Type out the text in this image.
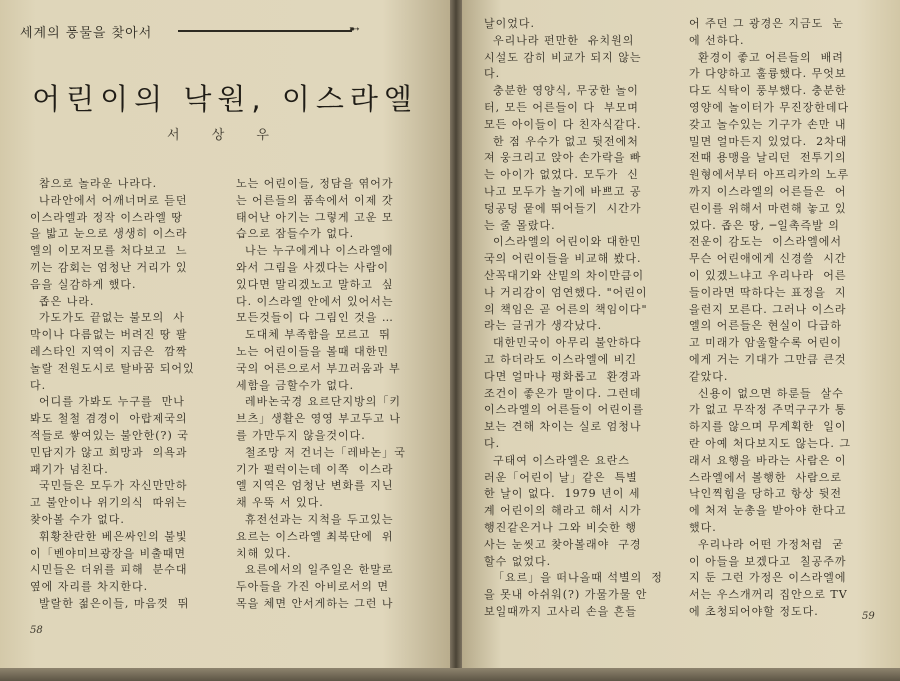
세계의 풍물을 찾아서	➸
어린이의 낙원, 이스라엘
서 상 우
참으로 놀라운 나라다.
나라안에서 어깨너머로 듣던
이스라엘과 정작 이스라엘 땅
을 밟고 눈으로 생생히 이스라
엘의 이모저모를 처다보고  느
끼는 감회는 엄청난 거리가 있
음을 실감하게 했다.
좁은 나라.
가도가도 끝없는 불모의  사
막이나 다름없는 버려진 땅 팔
레스타인 지역이 지금은  깜짝
놀랄 전원도시로 탈바꿈 되어있
다.
어디를 가봐도 누구를  만나
봐도 철철 겸경이  아랍제국의
적들로 쌓여있는 불안한(?) 국
민답지가 않고 희망과  의욕과
패기가 넘친다.
국민들은 모두가 자신만만하
고 불안이나 위기의식  따위는
찾아볼 수가 없다.
휘황찬란한 베은싸인의 불빛
이「벤야미브광장을 비출때면
시민들은 더위를 피해  분수대
옆에 자리를 차지한다.
발랄한 젊은이들, 마음껏  뛰
노는 어린이들, 정담을 엮어가
는 어른들의 품속에서 이제 갓
태어난 아기는 그렇게 고운 모
습으로 잠들수가 없다.
나는 누구에게나 이스라엘에
와서 그림을 사겠다는 사람이
있다면 말리겠노고 말하고  싶
다. 이스라엘 안에서 있어서는
모든것들이 다 그림인 것을 …
도대체 부족함을 모르고  뛰
노는 어린이들을 볼때 대한민
국의 어른으로서 부끄러움과 부
세함을 금할수가 없다.
레바논국경 요르단지방의「키
브츠」생활은 영영 부고두고 나
를 가만두지 않을것이다.
철조망 저 건너는「레바논」국
기가 펄럭이는데 이쪽  이스라
엘 지역은 엄청난 변화를 지닌
채 우뚝 서 있다.
휴전선과는 지척을 두고있는
요르는 이스라엘 최북단에  위
치해 있다.
요른에서의 일주일은 한말로
두아들을 가진 아비로서의 면
목을 체면 안서게하는 그런 나
58
날이었다.
우리나라 펀만한  유치원의
시설도 감히 비교가 되지 않는
다.
충분한 영양식, 무궁한 놀이
터, 모든 어른들이 다  부모며
모든 아이들이 다 친자식같다.
한 점 우수가 없고 뒷전에처
져 웅크리고 앉아 손가락을 빠
는 아이가 없었다. 모두가  신
나고 모두가 놀기에 바쁘고 공
덩공덩 뭍에 뛰어들기  시간가
는 줄 몰랐다.
이스라엘의 어린이와 대한민
국의 어린이들을 비교해 봤다.
산꼭대기와 산밑의 차이만큼이
나 거리감이 엄연했다. "어린이
의 책임은 곧 어른의 책임이다"
라는 글귀가 생각났다.
대한민국이 아무리 불안하다
고 하더라도 이스라엘에 비긴
다면 얼마나 평화롭고  환경과
조건이 좋은가 말이다. 그런데
이스라엘의 어른들이 어린이를
보는 견해 차이는 실로 엄청나
다.
구태여 이스라엘은 요란스
러운「어린이 날」같은  특별
한 날이 없다.  1979 년이 세
계 어린이의 해라고 해서 시가
행진같은거나 그와 비슷한 행
사는 눈씻고 찾아볼래야  구경
할수 없었다.
「요르」을 떠나올때 석별의  정
을 못내 아쉬워(?) 가물가물 안
보일때까지 고사리 손을 흔들
어 주던 그 광경은 지금도  눈
에 선하다.
환경이 좋고 어른들의  배려
가 다양하고 훌륭했다. 무엇보
다도 식탁이 풍부했다. 충분한
영양에 놀이터가 무진장한데다
갖고 놀수있는 기구가 손만 내
밀면 얼마든지 있었다.  2차대
전때 용맹을 날리던  전투기의
원형에서부터 아프리카의 노루
까지 이스라엘의 어른들은  어
린이를 위해서 마련해 놓고 있
었다. 좁은 땅, ─일촉즉발 의
전운이 감도는  이스라엘에서
무슨 어린애에게 신경쓸  시간
이 있겠느냐고 우리나라  어른
들이라면 딱하다는 표정을  지
을런지 모른다. 그러나 이스라
엘의 어른들은 현실이 다급하
고 미래가 암울할수록 어린이
에게 거는 기대가 그만큼 큰것
같았다.
신용이 없으면 하룬들  살수
가 없고 무작정 주먹구구가 통
하지를 않으며 무계획한  일이
란 아예 처다보지도 않는다. 그
래서 요행을 바라는 사람은 이
스라엘에서 볼행한  사람으로
낙인찍힘을 당하고 항상 뒷전
에 처져 눈총을 받아야 한다고
했다.
우리나라 어떤 가정처럼  굳
이 아들을 보겠다고  칠공주까
지 둔 그런 가정은 이스라엘에
서는 우스개꺼리 집안으로 TV
에 초청되어야할 정도다.	59
